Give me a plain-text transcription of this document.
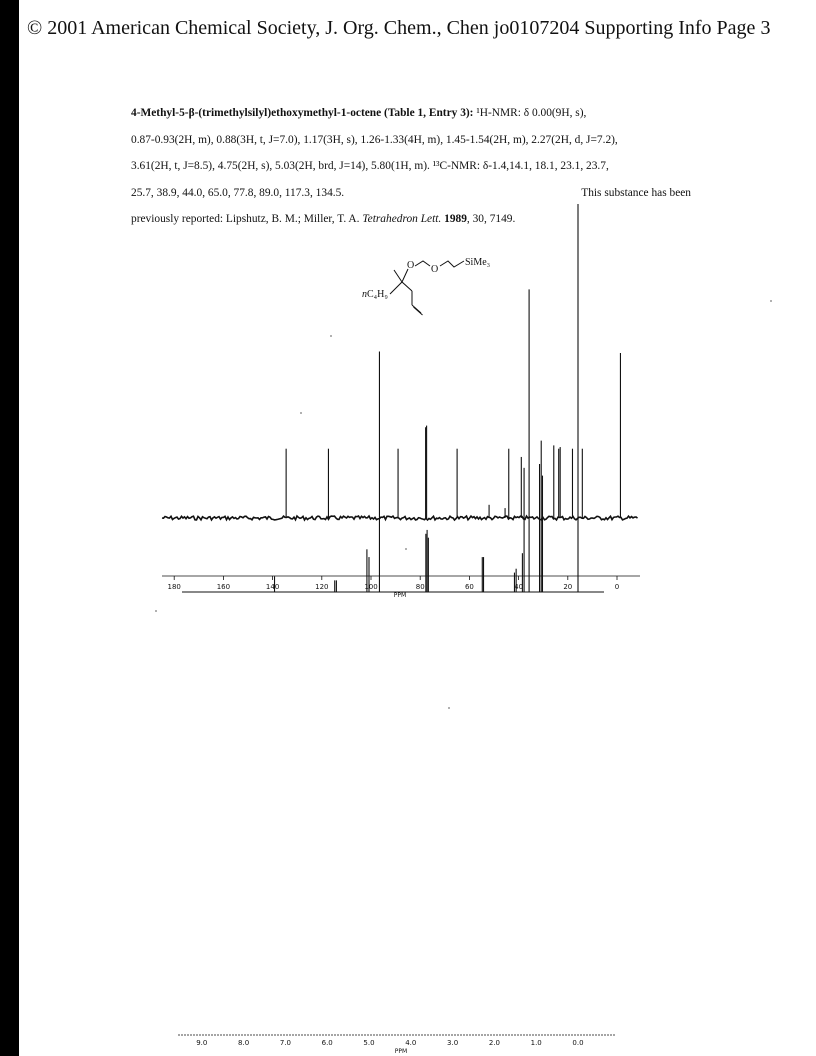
© 2001 American Chemical Society, J. Org. Chem., Chen jo0107204 Supporting Info Page 3
4-Methyl-5-β-(trimethylsilyl)ethoxymethyl-1-octene (Table 1, Entry 3): ¹H-NMR: δ 0.00(9H, s),
0.87-0.93(2H, m), 0.88(3H, t, J=7.0), 1.17(3H, s), 1.26-1.33(4H, m), 1.45-1.54(2H, m), 2.27(2H, d, J=7.2),
3.61(2H, t, J=8.5), 4.75(2H, s), 5.03(2H, brd, J=14), 5.80(1H, m). ¹³C-NMR: δ-1.4,14.1, 18.1, 23.1, 23.7,
25.7, 38.9, 44.0, 65.0, 77.8, 89.0, 117.3, 134.5.	This substance has been
previously reported: Lipshutz, B. M.; Miller, T. A. Tetrahedron Lett. 1989, 30, 7149.
O O
SiMe₃
nC₄H₉
180	160	140	120	100	80	60	40	20	0
PPM
9.0	8.0	7.0	6.0	5.0	4.0	3.0	2.0	1.0	0.0
PPM
